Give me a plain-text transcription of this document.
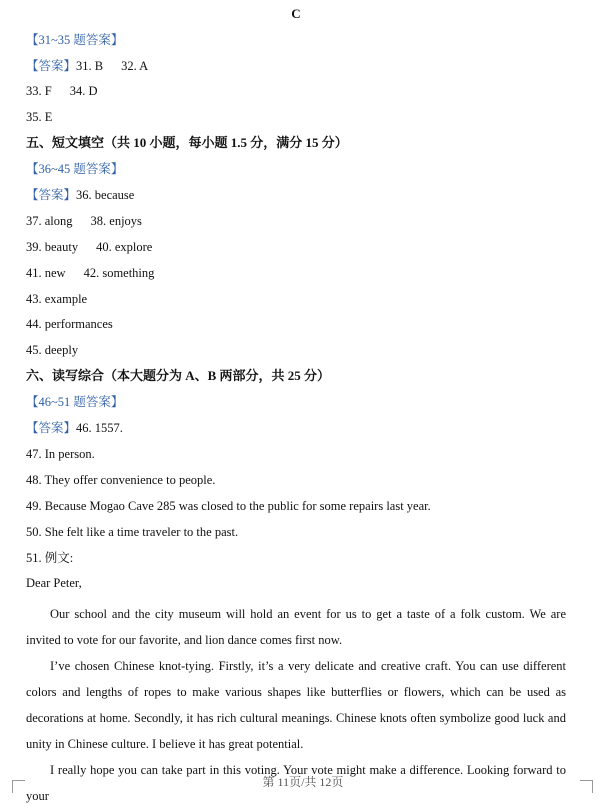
C
【31~35 题答案】
【答案】31. B 32. A
33. F 34. D
35. E
五、短文填空（共 10 小题，每小题 1.5 分，满分 15 分）
【36~45 题答案】
【答案】36. because
37. along 38. enjoys
39. beauty 40. explore
41. new 42. something
43. example
44. performances
45. deeply
六、读写综合（本大题分为 A、B 两部分，共 25 分）
【46~51 题答案】
【答案】46. 1557.
47. In person.
48. They offer convenience to people.
49. Because Mogao Cave 285 was closed to the public for some repairs last year.
50. She felt like a time traveler to the past.
51. 例文:
Dear Peter,
Our school and the city museum will hold an event for us to get a taste of a folk custom. We are invited to vote for our favorite, and lion dance comes first now.
I’ve chosen Chinese knot-tying. Firstly, it’s a very delicate and creative craft. You can use different colors and lengths of ropes to make various shapes like butterflies or flowers, which can be used as decorations at home. Secondly, it has rich cultural meanings. Chinese knots often symbolize good luck and unity in Chinese culture. I believe it has great potential.
I really hope you can take part in this voting. Your vote might make a difference. Looking forward to your
第 11页/共 12页
